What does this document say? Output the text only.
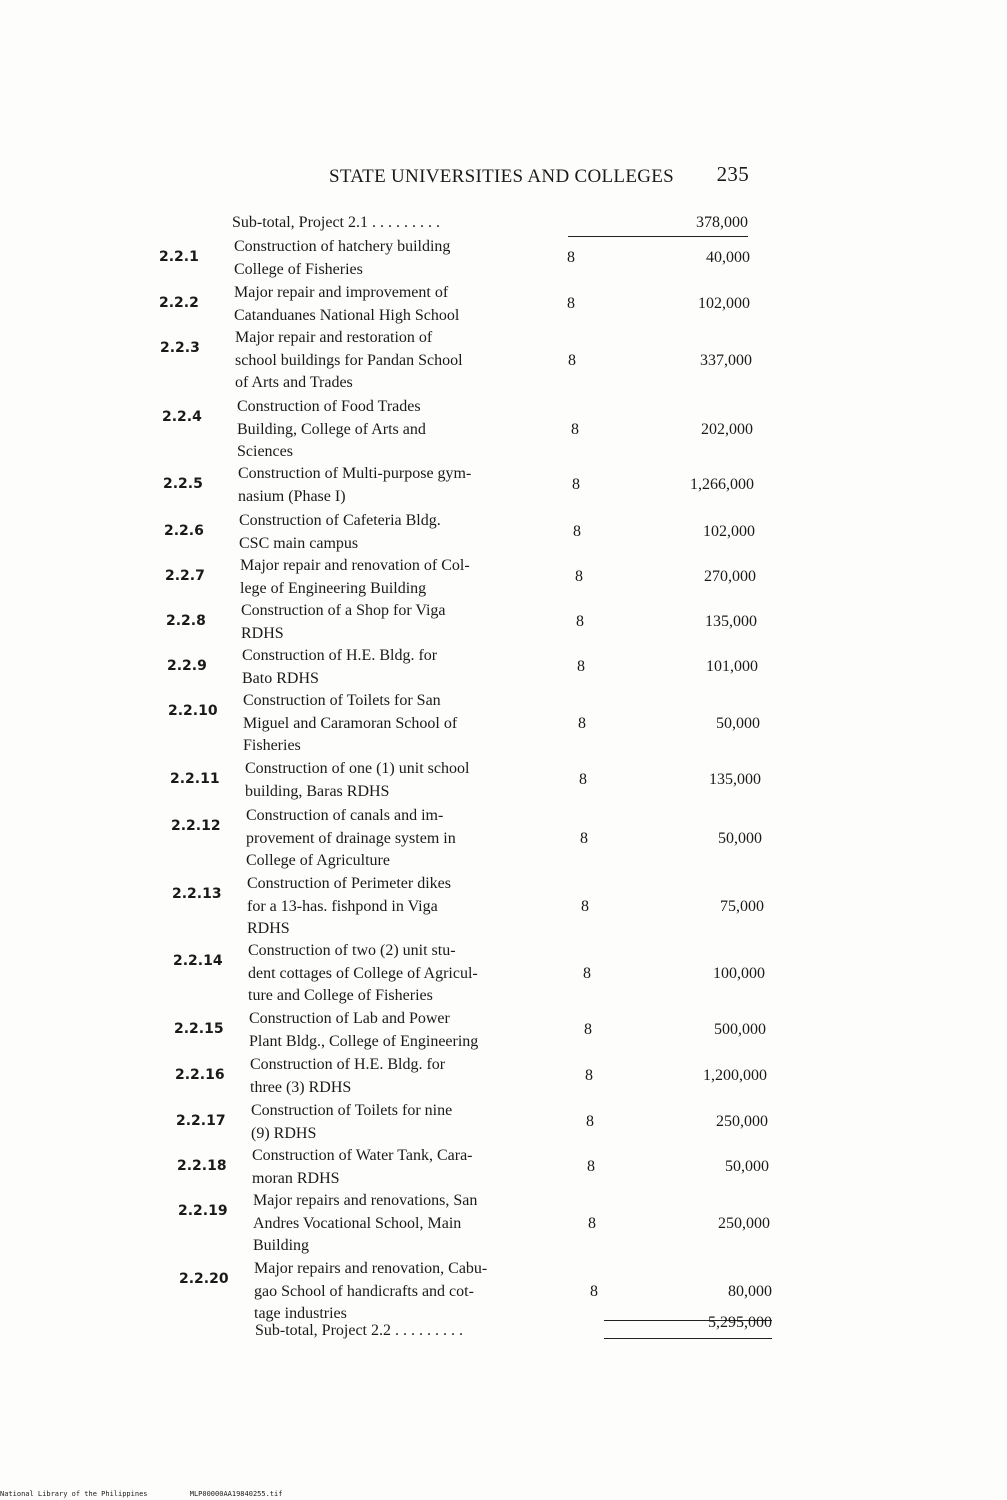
STATE UNIVERSITIES AND COLLEGES 235
Sub-total, Project 2.1 . . . . . . . . .	378,000
2.2.1
Construction of hatchery building
College of Fisheries
8	40,000
2.2.2
Major repair and improvement of
Catanduanes National High School
8	102,000
2.2.3
Major repair and restoration of
school buildings for Pandan School
of Arts and Trades
8	337,000
2.2.4
Construction of Food Trades
Building, College of Arts and
Sciences
8	202,000
2.2.5
Construction of Multi-purpose gym-
nasium (Phase I)
8	1,266,000
2.2.6
Construction of Cafeteria Bldg.
CSC main campus
8	102,000
2.2.7
Major repair and renovation of Col-
lege of Engineering Building
8	270,000
2.2.8
Construction of a Shop for Viga
RDHS
8	135,000
2.2.9
Construction of H.E. Bldg. for
Bato RDHS
8	101,000
2.2.10
Construction of Toilets for San
Miguel and Caramoran School of
Fisheries
8	50,000
2.2.11
Construction of one (1) unit school
building, Baras RDHS
8	135,000
2.2.12
Construction of canals and im-
provement of drainage system in
College of Agriculture
8	50,000
2.2.13
Construction of Perimeter dikes
for a 13-has. fishpond in Viga
RDHS
8	75,000
2.2.14
Construction of two (2) unit stu-
dent cottages of College of Agricul-
ture and College of Fisheries
8	100,000
2.2.15
Construction of Lab and Power
Plant Bldg., College of Engineering
8	500,000
2.2.16
Construction of H.E. Bldg. for
three (3) RDHS
8	1,200,000
2.2.17
Construction of Toilets for nine
(9) RDHS
8	250,000
2.2.18
Construction of Water Tank, Cara-
moran RDHS
8	50,000
2.2.19
Major repairs and renovations, San
Andres Vocational School, Main
Building
8	250,000
2.2.20
Major repairs and renovation, Cabu-
gao School of handicrafts and cot-
tage industries
8	80,000
Sub-total, Project 2.2 . . . . . . . . .	5,295,000
National Library of the Philippines	MLP00000AA19840255.tif
